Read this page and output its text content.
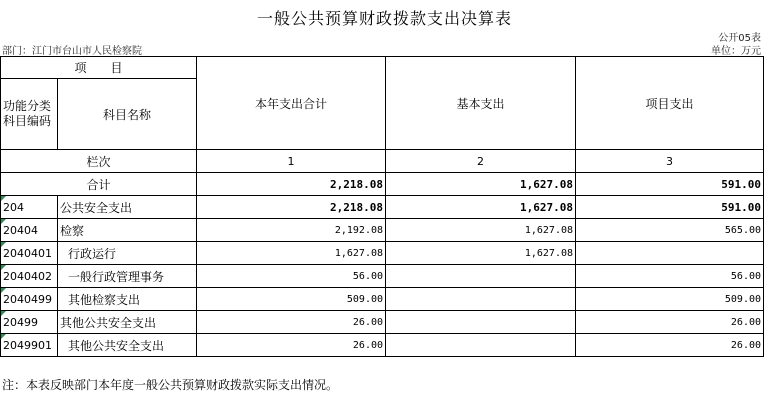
一般公共预算财政拨款支出决算表
公开05表
部门：江门市台山市人民检察院	单位：万元
项　　目		本年支出合计	基本支出	项目支出
功能分类科目编码	科目名称			
栏次		1	2	3
合计		2,218.08	1,627.08	591.00

204	公共安全支出	2,218.08	1,627.08	591.00

20404	检察	2,192.08	1,627.08	565.00

2040401	行政运行	1,627.08	1,627.08	

2040402	一般行政管理事务	56.00		56.00

2040499	其他检察支出	509.00		509.00

20499	其他公共安全支出	26.00		26.00

2049901	其他公共安全支出	26.00		26.00
注：本表反映部门本年度一般公共预算财政拨款实际支出情况。
